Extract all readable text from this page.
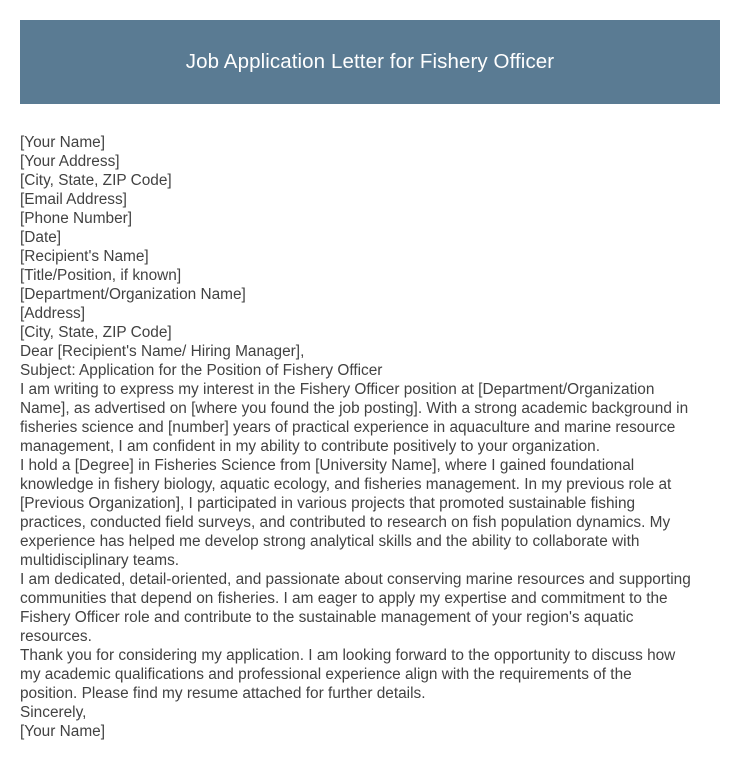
Job Application Letter for Fishery Officer
[Your Name]
[Your Address]
[City, State, ZIP Code]
[Email Address]
[Phone Number]
[Date]
[Recipient's Name]
[Title/Position, if known]
[Department/Organization Name]
[Address]
[City, State, ZIP Code]
Dear [Recipient's Name/ Hiring Manager],
Subject: Application for the Position of Fishery Officer
I am writing to express my interest in the Fishery Officer position at [Department/Organization
Name], as advertised on [where you found the job posting]. With a strong academic background in
fisheries science and [number] years of practical experience in aquaculture and marine resource
management, I am confident in my ability to contribute positively to your organization.
I hold a [Degree] in Fisheries Science from [University Name], where I gained foundational
knowledge in fishery biology, aquatic ecology, and fisheries management. In my previous role at
[Previous Organization], I participated in various projects that promoted sustainable fishing
practices, conducted field surveys, and contributed to research on fish population dynamics. My
experience has helped me develop strong analytical skills and the ability to collaborate with
multidisciplinary teams.
I am dedicated, detail-oriented, and passionate about conserving marine resources and supporting
communities that depend on fisheries. I am eager to apply my expertise and commitment to the
Fishery Officer role and contribute to the sustainable management of your region's aquatic
resources.
Thank you for considering my application. I am looking forward to the opportunity to discuss how
my academic qualifications and professional experience align with the requirements of the
position. Please find my resume attached for further details.
Sincerely,
[Your Name]
